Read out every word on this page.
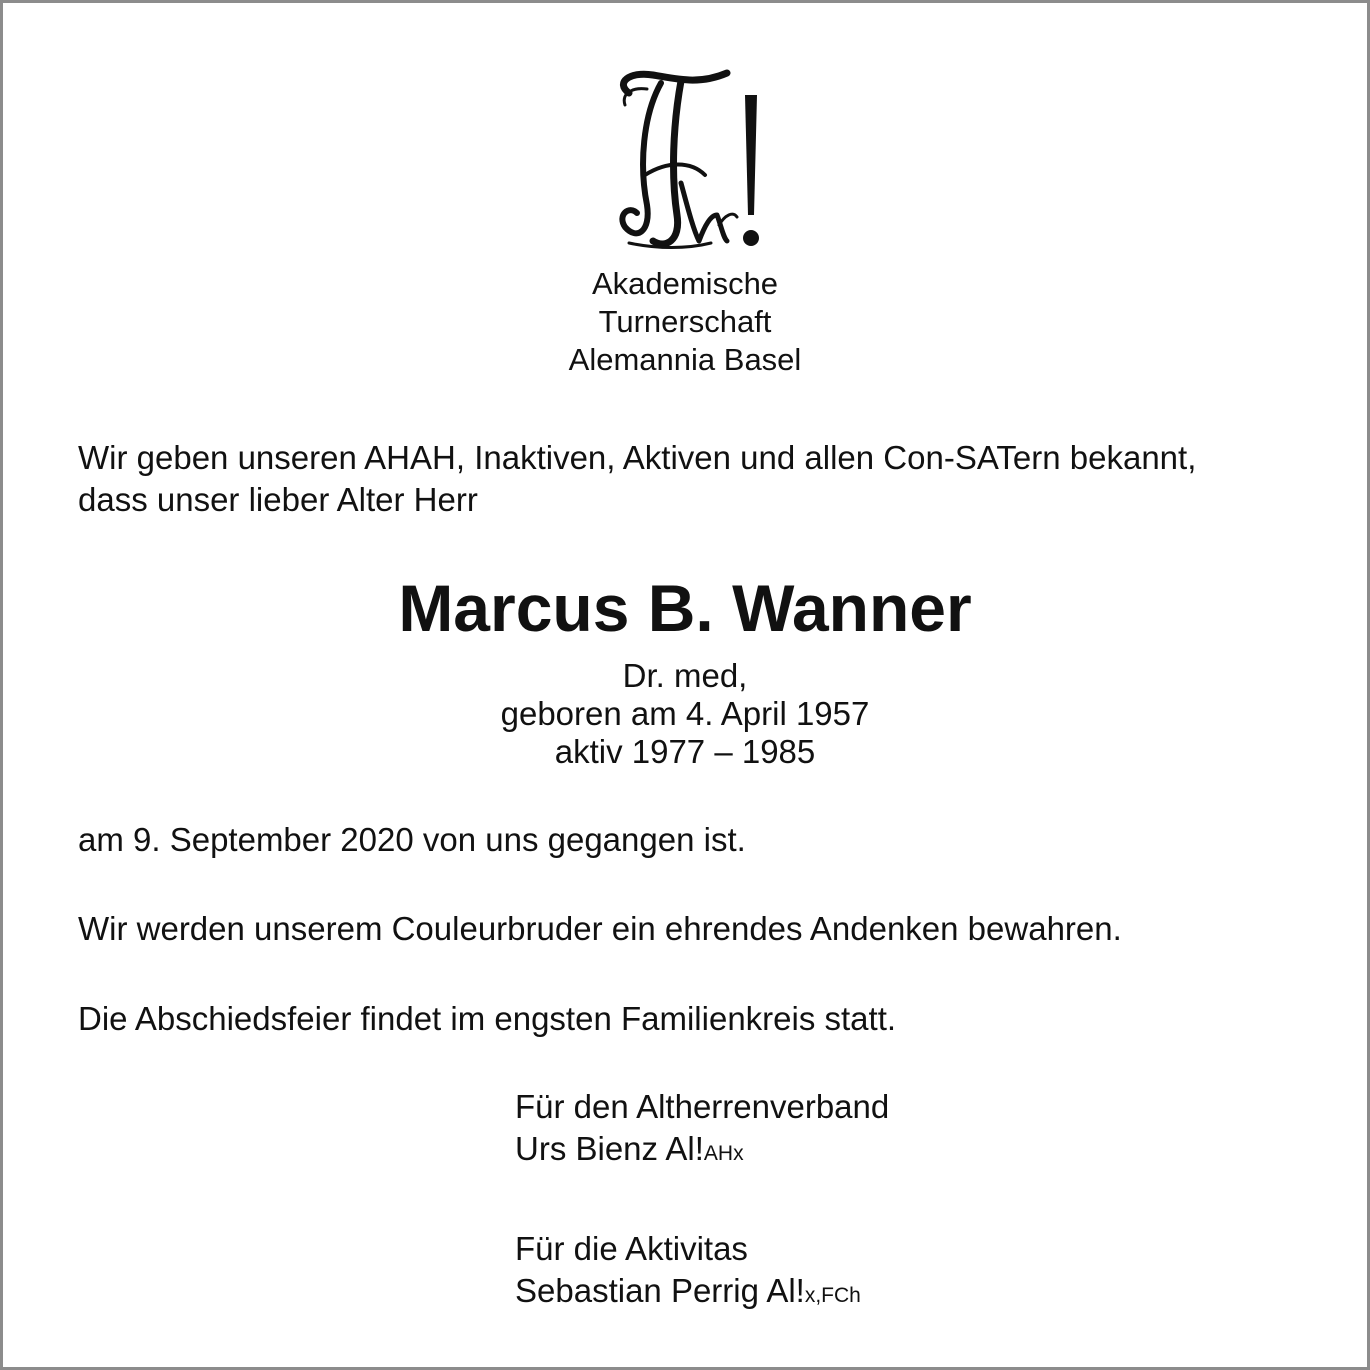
Akademische
Turnerschaft
Alemannia Basel
Wir geben unseren AHAH, Inaktiven, Aktiven und allen Con-SATern bekannt,
dass unser lieber Alter Herr
Marcus B. Wanner
Dr. med,
geboren am 4. April 1957
aktiv 1977 – 1985
am 9. September 2020 von uns gegangen ist.
Wir werden unserem Couleurbruder ein ehrendes Andenken bewahren.
Die Abschiedsfeier findet im engsten Familienkreis statt.
Für den Altherrenverband
Urs Bienz Al!AHx
Für die Aktivitas
Sebastian Perrig Al!x,FCh
